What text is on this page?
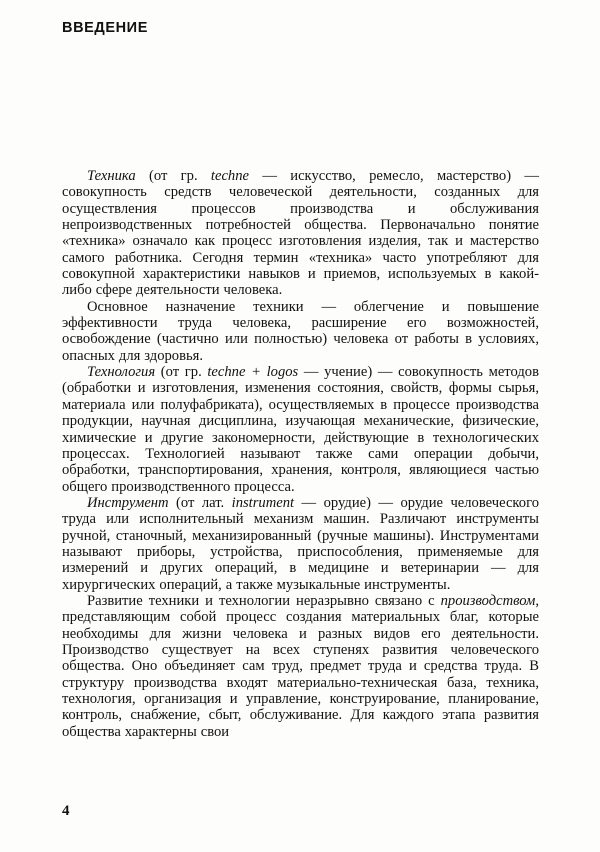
ВВЕДЕНИЕ

Техника (от гр. techne — искусство, ремесло, мастерство) — совокупность средств человеческой деятельности, созданных для осуществления процессов производства и обслуживания непроизводственных потребностей общества. Первоначально понятие «техника» означало как процесс изготовления изделия, так и мастерство самого работника. Сегодня термин «техника» часто употребляют для совокупной характеристики навыков и приемов, используемых в какой-либо сфере деятельности человека.

Основное назначение техники — облегчение и повышение эффективности труда человека, расширение его возможностей, освобождение (частично или полностью) человека от работы в условиях, опасных для здоровья.

Технология (от гр. techne + logos — учение) — совокупность методов (обработки и изготовления, изменения состояния, свойств, формы сырья, материала или полуфабриката), осуществляемых в процессе производства продукции, научная дисциплина, изучающая механические, физические, химические и другие закономерности, действующие в технологических процессах. Технологией называют также сами операции добычи, обработки, транспортирования, хранения, контроля, являющиеся частью общего производственного процесса.

Инструмент (от лат. instrument — орудие) — орудие человеческого труда или исполнительный механизм машин. Различают инструменты ручной, станочный, механизированный (ручные машины). Инструментами называют приборы, устройства, приспособления, применяемые для измерений и других операций, в медицине и ветеринарии — для хирургических операций, а также музыкальные инструменты.

Развитие техники и технологии неразрывно связано с производством, представляющим собой процесс создания материальных благ, которые необходимы для жизни человека и разных видов его деятельности. Производство существует на всех ступенях развития человеческого общества. Оно объединяет сам труд, предмет труда и средства труда. В структуру производства входят материально-техническая база, техника, технология, организация и управление, конструирование, планирование, контроль, снабжение, сбыт, обслуживание. Для каждого этапа развития общества характерны свои

4
